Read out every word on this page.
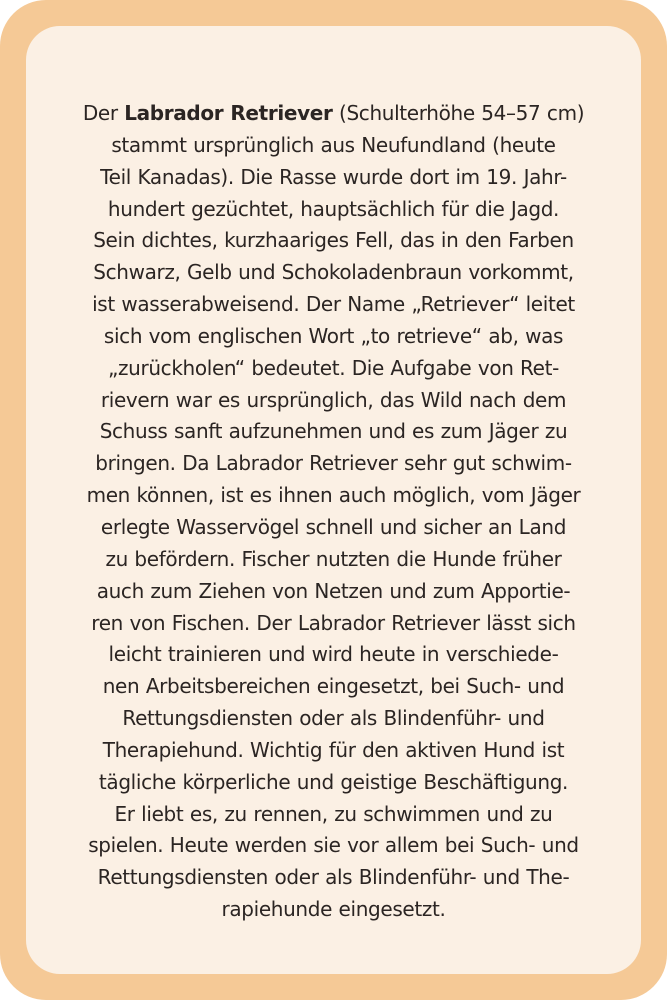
Der Labrador Retriever (Schulterhöhe 54–57 cm)
stammt ursprünglich aus Neufundland (heute
Teil Kanadas). Die Rasse wurde dort im 19. Jahr-
hundert gezüchtet, hauptsächlich für die Jagd.
Sein dichtes, kurzhaariges Fell, das in den Farben
Schwarz, Gelb und Schokoladenbraun vorkommt,
ist wasserabweisend. Der Name „Retriever“ leitet
sich vom englischen Wort „to retrieve“ ab, was
„zurückholen“ bedeutet. Die Aufgabe von Ret-
rievern war es ursprünglich, das Wild nach dem
Schuss sanft aufzunehmen und es zum Jäger zu
bringen. Da Labrador Retriever sehr gut schwim-
men können, ist es ihnen auch möglich, vom Jäger
erlegte Wasservögel schnell und sicher an Land
zu befördern. Fischer nutzten die Hunde früher
auch zum Ziehen von Netzen und zum Apportie-
ren von Fischen. Der Labrador Retriever lässt sich
leicht trainieren und wird heute in verschiede-
nen Arbeitsbereichen eingesetzt, bei Such- und
Rettungsdiensten oder als Blindenführ- und
Therapiehund. Wichtig für den aktiven Hund ist
tägliche körperliche und geistige Beschäftigung.
Er liebt es, zu rennen, zu schwimmen und zu
spielen. Heute werden sie vor allem bei Such- und
Rettungsdiensten oder als Blindenführ- und The-
rapiehunde eingesetzt.
